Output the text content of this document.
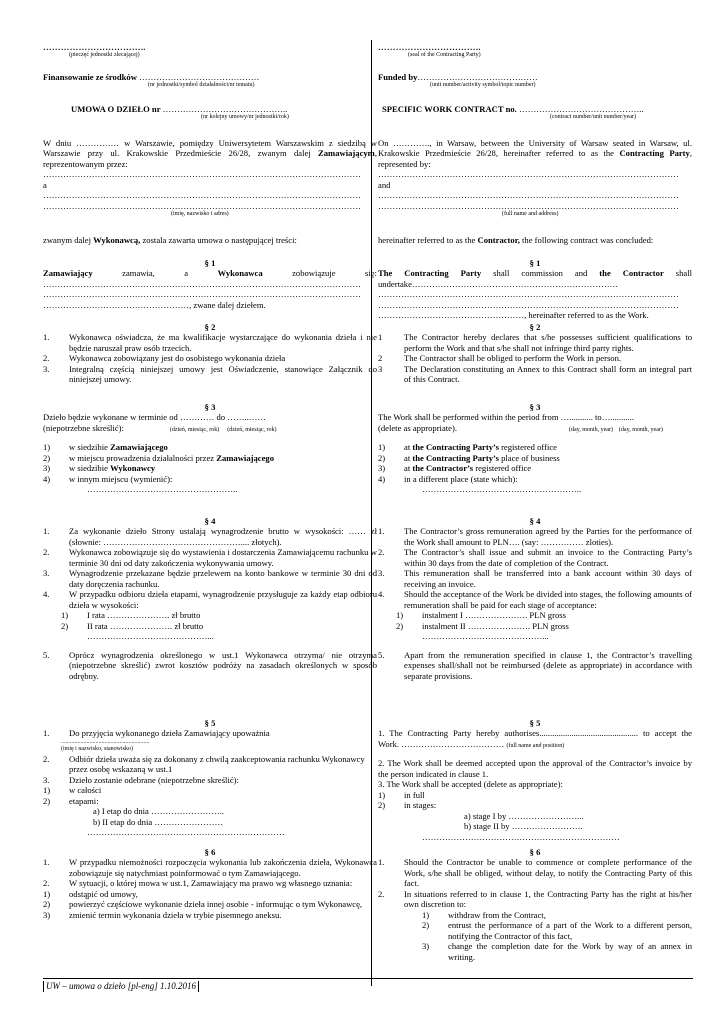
……………………………..

(pieczęć jednostki zlecającej)

Finansowanie ze środków ……………………………………

(nr jednostki/symbol działalności/nr tematu)

UMOWA O DZIEŁO nr ……………………………………..

(nr kolejny umowy/nr jednostki/rok)

W dniu …………… w Warszawie, pomiędzy Uniwersytetem Warszawskim z siedzibą w Warszawie przy ul. Krakowskie Przedmieście 26/28, zwanym dalej Zamawiającym, reprezentowanym przez:

…………………………………………………………………………………………………

a

…………………………………………………………………………………………………

…………………………………………………………………………………………………

(imię, nazwisko i adres)

zwanym dalej Wykonawcą, zostala zawarta umowa o następującej treści:

§ 1

Zamawiający	zamawia,	a	Wykonawca	zobowiązuje	się:

…………………………………………………………………………………………………

…………………………………………………………………………………………………

……………………………………………, zwane dalej dziełem.

§ 2

1. Wykonawca oświadcza, że ma kwalifikacje wystarczające do wykonania dzieła i nie będzie naruszał praw osób trzecich.
2. Wykonawca zobowiązany jest do osobistego wykonania dzieła
3. Integralną częścią niniejszej umowy jest Oświadczenie, stanowiące Załącznik do niniejszej umowy.

§ 3

Dzieło będzie wykonane w terminie od ………… do ……..……

(niepotrzebne skreślić):	(dzień, miesiąc, rok) (dzień, miesiąc, rok)

1) w siedzibie Zamawiającego
2) w miejscu prowadzenia działalności przez Zamawiającego
3) w siedzibie Wykonawcy
4) w innym miejscu (wymienić):

……………………………………………..

§ 4

1. Za wykonanie dzieło Strony ustalają wynagrodzenie brutto w wysokości: …… zł (słownie: ………………………………………….... złotych).
2. Wykonawca zobowiązuje się do wystawienia i dostarczenia Zamawiającemu rachunku w terminie 30 dni od daty zakończenia wykonywania umowy.
3. Wynagrodzenie przekazane będzie przelewem na konto bankowe w terminie 30 dni od daty doręczenia rachunku.
4. W przypadku odbioru dzieła etapami, wynagrodzenie przysługuje za każdy etap odbioru dzieła w wysokości:
1) I rata …………………. zł brutto
2) II rata …………………. zł brutto

……………………………………...

5. Oprócz wynagrodzenia określonego w ust.1 Wykonawca otrzyma/ nie otrzyma (niepotrzebne skreślić) zwrot kosztów podróży na zasadach określonych w sposób odrębny.

§ 5

1. Do przyjęcia wykonanego dzieła Zamawiający upoważnia

...........................................................

(imię i nazwisko, stanowisko)

2. Odbiór dzieła uważa się za dokonany z chwilą zaakceptowania rachunku Wykonawcy przez osobę wskazaną w ust.1
3. Dzieło zostanie odebrane (niepotrzebne skreślić):
1) w całości
2) etapami:

a) I etap do dnia ……………………..

b) II etap do dnia ……………………

……………………………………………………………

§ 6

1. W przypadku niemożności rozpoczęcia wykonania lub zakończenia dzieła, Wykonawca zobowiązuje się natychmiast poinformować o tym Zamawiającego.
2. W sytuacji, o której mowa w ust.1, Zamawiający ma prawo wg własnego uznania:
1) odstąpić od umowy,
2) powierzyć częściowe wykonanie dzieła innej osobie - informując o tym Wykonawcę,
3) zmienić termin wykonania dzieła w trybie pisemnego aneksu.

……………………………..

(seal of the Contracting Party)

Funded by……………………………………

(unit number/activity symbol/topic number)

SPECIFIC WORK CONTRACT no. ……………………………………..

(contract number/unit number/year)

On …………., in Warsaw, between the University of Warsaw seated in Warsaw, ul. Krakowskie Przedmieście 26/28, hereinafter referred to as the Contracting Party, represented by:

……………………………………………………………………………………………

and

……………………………………………………………………………………………

……………………………………………………………………………………………

(full name and address)

hereinafter referred to as the Contractor, the following contract was concluded:

§ 1

The Contracting Party shall commission and the Contractor shall undertake………………………………………………………………

……………………………………………………………………………………………

……………………………………………………………………………………………

……………………………………………, hereinafter referred to as the Work.

§ 2

1	The Contractor hereby declares that s/he possesses sufficient qualifications to perform the Work and that s/he shall not infringe third party rights.
2	The Contractor shall be obliged to perform the Work in person.
3	The Declaration constituting an Annex to this Contract shall form an integral part of this Contract.

§ 3

The Work shall be performed within the period from …........... to…...........

(delete as appropriate).	(day, month, year) (day, month, year)

1) at the Contracting Party’s registered office
2) at the Contracting Party’s place of business
3) at the Contractor’s registered office
4) in a different place (state which):

………………………………………………..

§ 4

1. The Contractor’s gross remuneration agreed by the Parties for the performance of the Work shall amount to PLN…. (say: …………… zloties).
2. The Contractor’s shall issue and submit an invoice to the Contracting Party’s within 30 days from the date of completion of the Contract.
3. This remuneration shall be transferred into a bank account within 30 days of receiving an invoice.
4. Should the acceptance of the Work be divided into stages, the following amounts of remuneration shall be paid for each stage of acceptance:
1) instalment I …………………. PLN gross
2) instalment II …………………. PLN gross

……………………………………...

5. Apart from the remuneration specified in clause 1, the Contractor’s travelling expenses shall/shall not be reimbursed (delete as appropriate) in accordance with separate provisions.

§ 5

1. The Contracting Party hereby authorises.............................................. to accept the Work. ……………………………… (full name and position)

2. The Work shall be deemed accepted upon the approval of the Contractor’s invoice by the person indicated in clause 1.

3. The Work shall be accepted (delete as appropriate):

1) in full
2) in stages:

a) stage I by ……………………...

b) stage II by …………………….

……………………………………………………………

§ 6

1. Should the Contractor be unable to commence or complete performance of the Work, s/he shall be obliged, without delay, to notify the Contracting Party of this fact.
2. In situations referred to in clause 1, the Contracting Party has the right at his/her own discretion to:
1) withdraw from the Contract,
2) entrust the performance of a part of the Work to a different person, notifying the Contractor of this fact,
3) change the completion date for the Work by way of an annex in writing.
UW – umowa o dzieło [pl-eng] 1.10.2016
